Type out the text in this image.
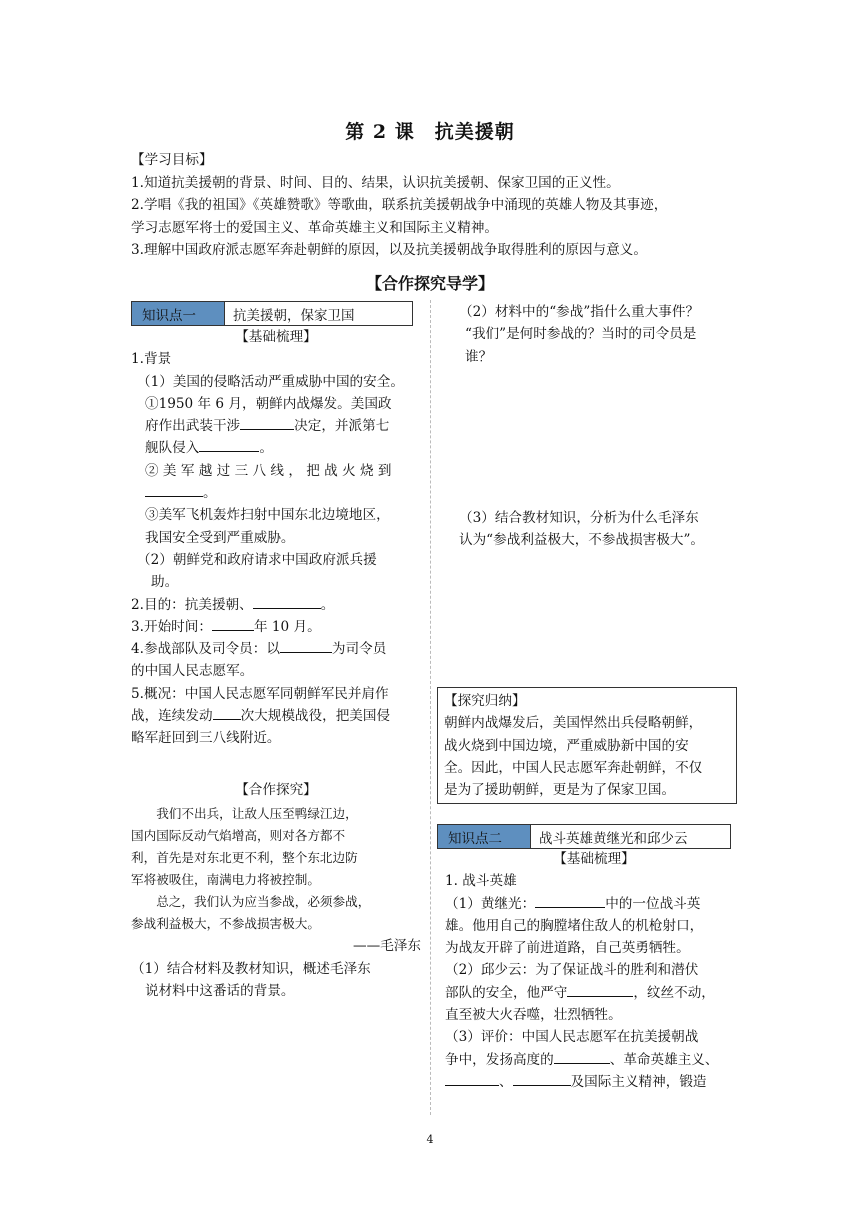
第 2 课　抗美援朝
【学习目标】
1.知道抗美援朝的背景、时间、目的、结果，认识抗美援朝、保家卫国的正义性。
2.学唱《我的祖国》《英雄赞歌》等歌曲，联系抗美援朝战争中涌现的英雄人物及其事迹，
学习志愿军将士的爱国主义、革命英雄主义和国际主义精神。
3.理解中国政府派志愿军奔赴朝鲜的原因，以及抗美援朝战争取得胜利的原因与意义。
【合作探究导学】
知识点一	抗美援朝，保家卫国
【基础梳理】
1.背景
（1）美国的侵略活动严重威胁中国的安全。
①1950 年 6 月，朝鲜内战爆发。美国政
府作出武装干涉	决定，并派第七
舰队侵入	。
② 美 军 越 过 三 八 线 ， 把 战 火 烧 到
。
③美军飞机轰炸扫射中国东北边境地区，
我国安全受到严重威胁。
（2）朝鲜党和政府请求中国政府派兵援
助。
2.目的：抗美援朝、	。
3.开始时间：	年 10 月。
4.参战部队及司令员：以	为司令员
的中国人民志愿军。
5.概况：中国人民志愿军同朝鲜军民并肩作
战，连续发动 次大规模战役，把美国侵
略军赶回到三八线附近。
【合作探究】
我们不出兵，让敌人压至鸭绿江边，
国内国际反动气焰增高，则对各方都不
利，首先是对东北更不利，整个东北边防
军将被吸住，南满电力将被控制。
总之，我们认为应当参战，必须参战，
参战利益极大，不参战损害极大。
——毛泽东
（1）结合材料及教材知识，概述毛泽东
说材料中这番话的背景。
（2）材料中的“参战”指什么重大事件？
“我们”是何时参战的？当时的司令员是
谁？
（3）结合教材知识，分析为什么毛泽东
认为“参战利益极大，不参战损害极大”。
【探究归纳】
朝鲜内战爆发后，美国悍然出兵侵略朝鲜，
战火烧到中国边境，严重威胁新中国的安
全。因此，中国人民志愿军奔赴朝鲜，不仅
是为了援助朝鲜，更是为了保家卫国。
知识点二	战斗英雄黄继光和邱少云
【基础梳理】
1. 战斗英雄
（1）黄继光：	中的一位战斗英
雄。他用自己的胸膛堵住敌人的机枪射口，
为战友开辟了前进道路，自己英勇牺牲。
（2）邱少云：为了保证战斗的胜利和潜伏
部队的安全，他严守	，纹丝不动，
直至被大火吞噬，壮烈牺牲。
（3）评价：中国人民志愿军在抗美援朝战
争中，发扬高度的	、革命英雄主义、
、	及国际主义精神，锻造
4
